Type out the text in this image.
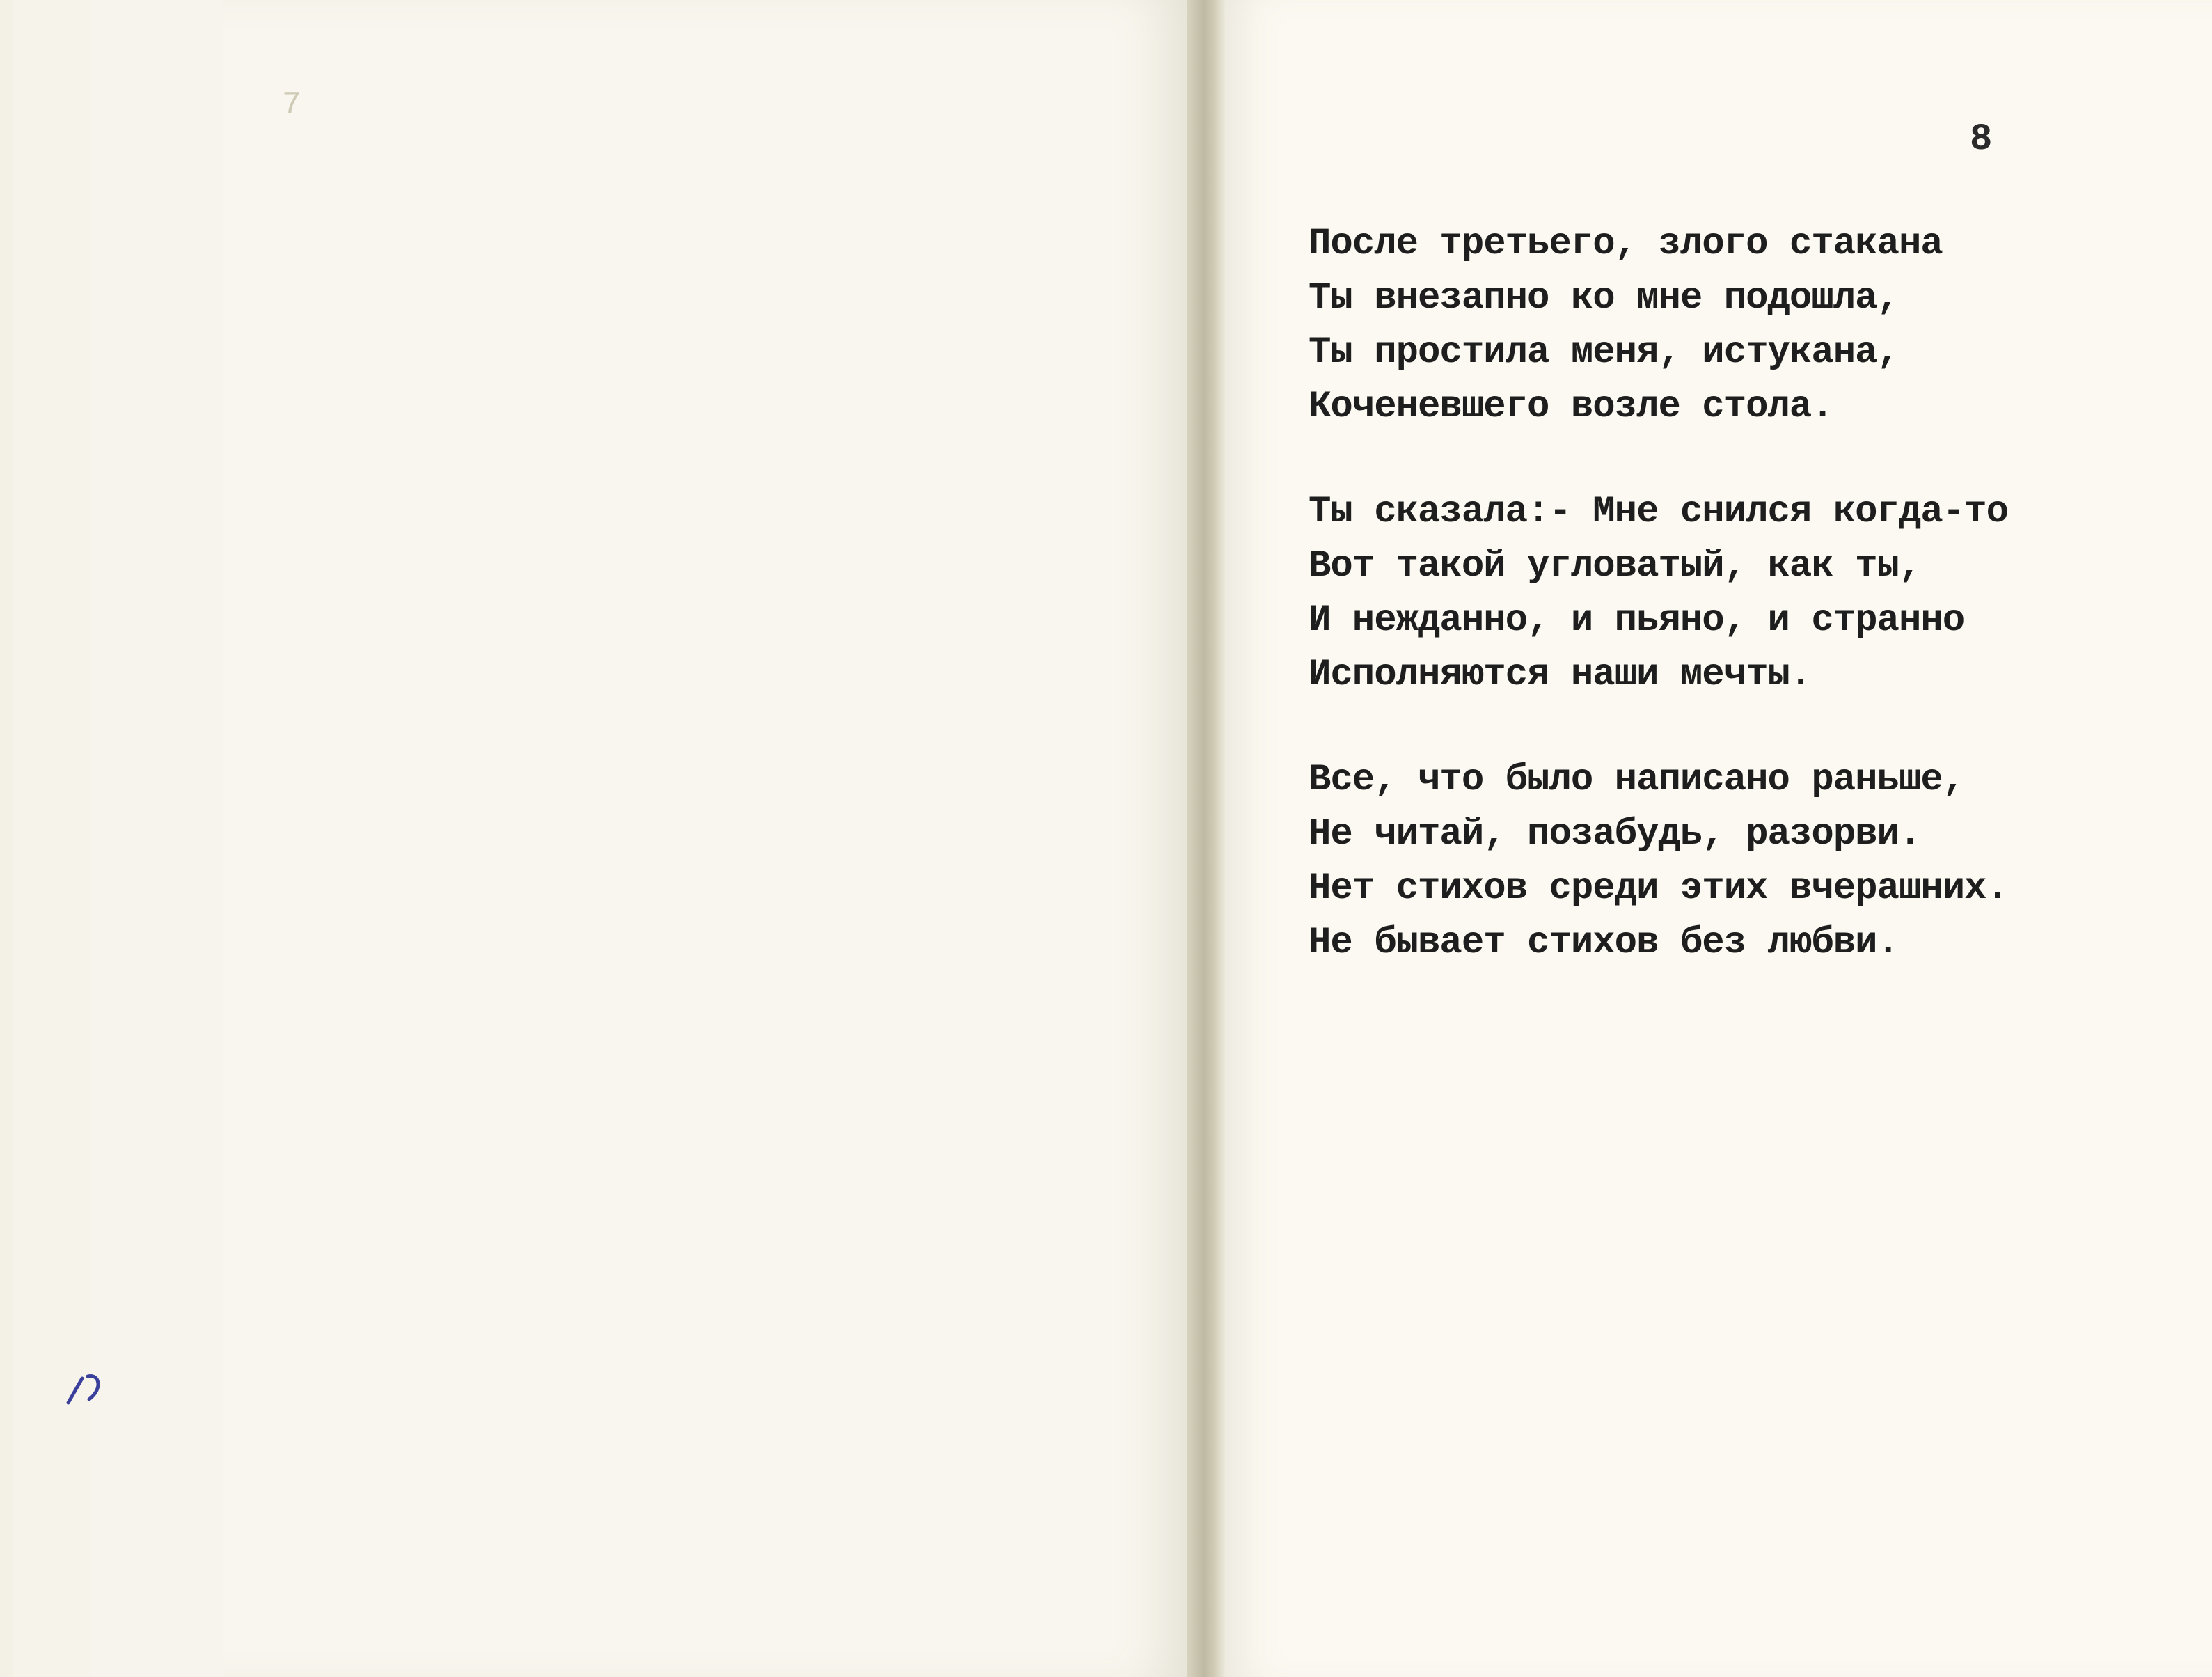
7

8
После третьего, злого стакана
Ты внезапно ко мне подошла,
Ты простила меня, истукана,
Коченевшего возле стола.
Ты сказала:- Мне снился когда-то
Вот такой угловатый, как ты,
И нежданно, и пьяно, и странно
Исполняются наши мечты.
Все, что было написано раньше,
Не читай, позабудь, разорви.
Нет стихов среди этих вчерашних.
Не бывает стихов без любви.
